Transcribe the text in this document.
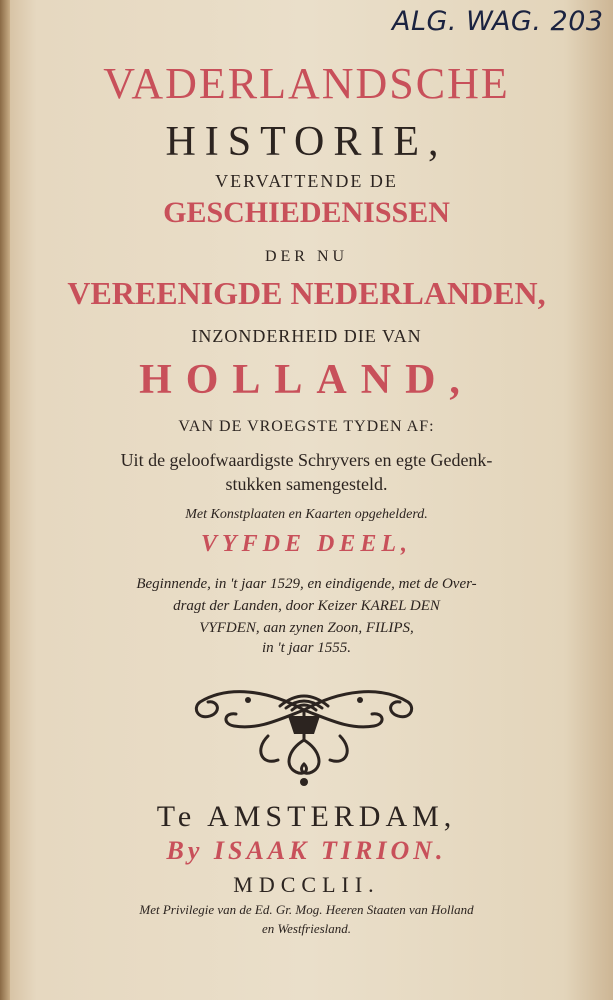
ALG. WAG. 203
VADERLANDSCHE
HISTORIE,
VERVATTENDE DE
GESCHIEDENISSEN
DER NU
VEREENIGDE NEDERLANDEN,
INZONDERHEID DIE VAN
HOLLAND,
VAN DE VROEGSTE TYDEN AF:
Uit de geloofwaardigste Schryvers en egte Gedenk-
stukken samengesteld.
Met Konstplaaten en Kaarten opgehelderd.
VYFDE DEEL,
Beginnende, in 't jaar 1529, en eindigende, met de Over-
dragt der Landen, door Keizer KAREL DEN
VYFDEN, aan zynen Zoon, FILIPS,
in 't jaar 1555.
Te AMSTERDAM,
By ISAAK TIRION.
MDCCLII.
Met Privilegie van de Ed. Gr. Mog. Heeren Staaten van Holland
en Westfriesland.
